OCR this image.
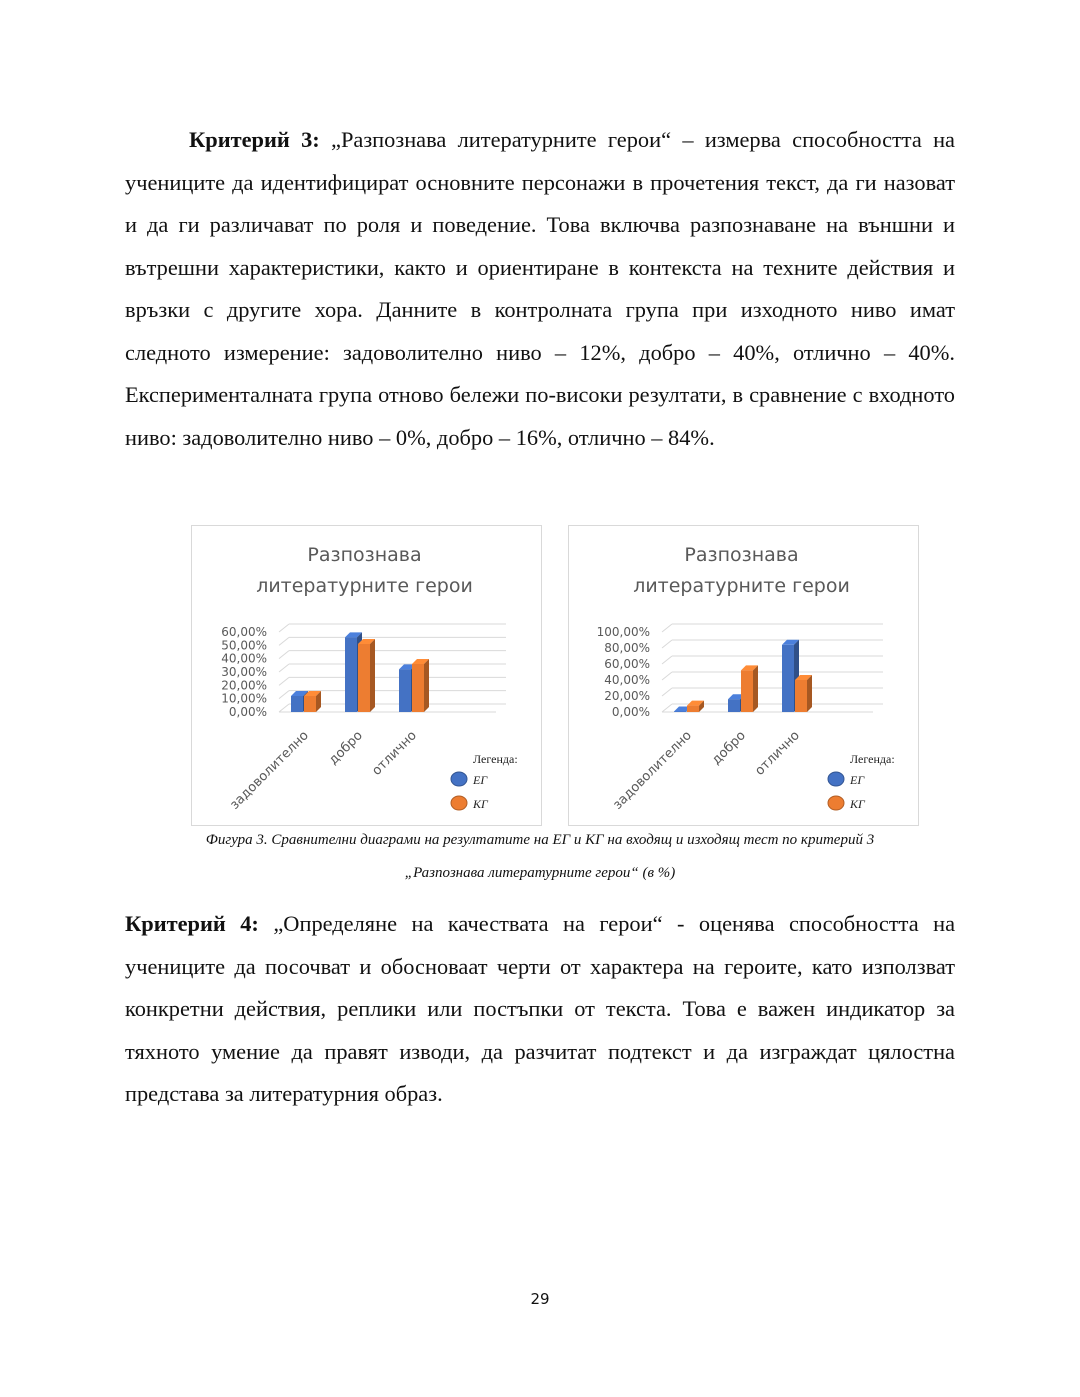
Критерий 3: „Разпознава литературните герои“ – измерва способността на учениците да идентифицират основните персонажи в прочетения текст, да ги назоват и да ги различават по роля и поведение. Това включва разпознаване на външни и вътрешни характеристики, както и ориентиране в контекста на техните действия и връзки с другите хора. Данните в контролната група при изходното ниво имат следното измерение: задоволително ниво – 12%, добро – 40%, отлично – 40%. Експерименталната група отново бележи по-високи резултати, в сравнение с входното ниво: задоволително ниво – 0%, добро – 16%, отлично – 84%.

Разпознава
литературните герои
0,00%
10,00%
20,00%
30,00%
40,00%
50,00%
60,00%
задоволително добро отлично	Легенда:
ЕГ
КГ
Разпознава
литературните герои
0,00%
20,00%
40,00%
60,00%
80,00%
100,00%
задоволително добро отлично	Легенда:
ЕГ
КГ
Фигура 3. Сравнителни диаграми на резултатите на ЕГ и КГ на входящ и изходящ тест по критерий 3
„Разпознава литературните герои“ (в %)

Критерий 4: „Определяне на качествата на герои“ - оценява способността на учениците да посочват и обосноваат черти от характера на героите, като използват конкретни действия, реплики или постъпки от текста. Това е важен индикатор за тяхното умение да правят изводи, да разчитат подтекст и да изграждат цялостна представа за литературния образ.

29
